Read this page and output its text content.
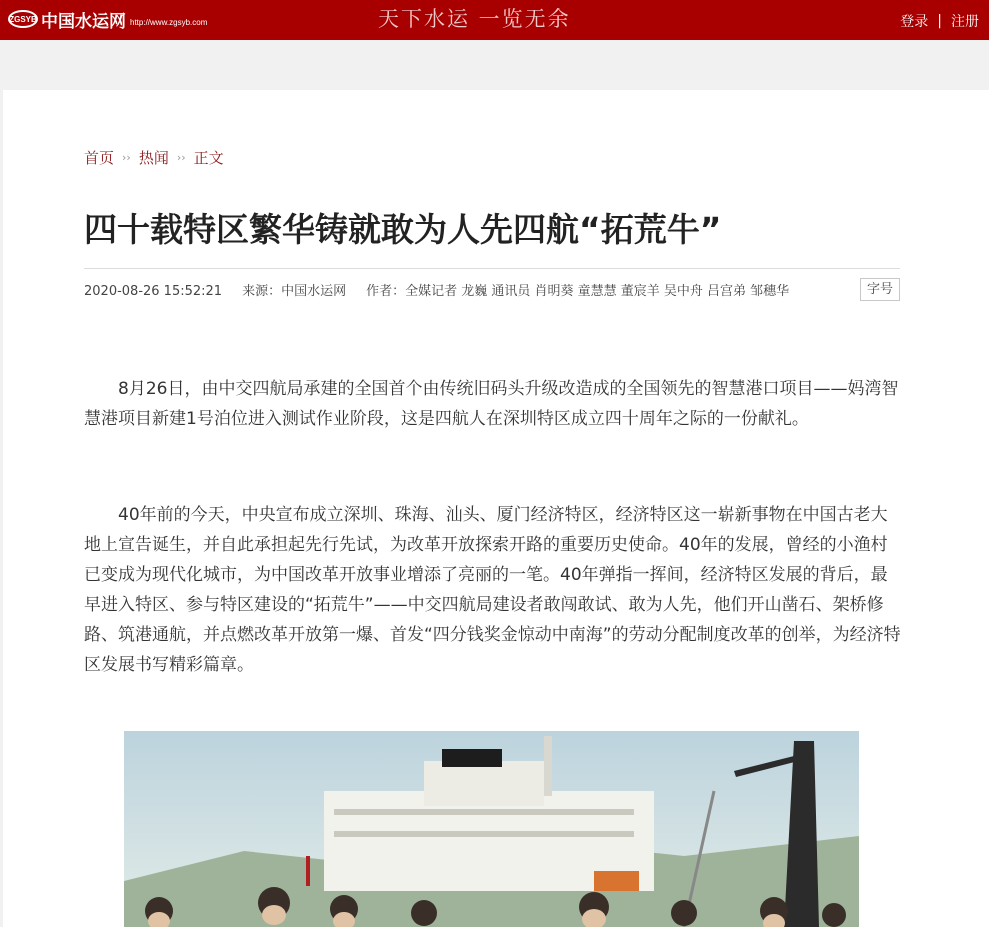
ZGSYB 中国水运网 http://www.zgsyb.com	天下水运 一览无余	登录 | 注册
首页 ›› 热闻 ›› 正文
四十载特区繁华铸就敢为人先四航“拓荒牛”
2020-08-26 15:52:21 来源：中国水运网 作者：全媒记者 龙巍 通讯员 肖明葵 童慧慧 董宸羊 吴中舟 吕宫弟 邹穗华	字号

8月26日，由中交四航局承建的全国首个由传统旧码头升级改造成的全国领先的智慧港口项目——妈湾智慧港项目新建1号泊位进入测试作业阶段，这是四航人在深圳特区成立四十周年之际的一份献礼。

40年前的今天，中央宣布成立深圳、珠海、汕头、厦门经济特区，经济特区这一崭新事物在中国古老大地上宣告诞生，并自此承担起先行先试，为改革开放探索开路的重要历史使命。40年的发展，曾经的小渔村已变成为现代化城市，为中国改革开放事业增添了亮丽的一笔。40年弹指一挥间，经济特区发展的背后，最早进入特区、参与特区建设的“拓荒牛”——中交四航局建设者敢闯敢试、敢为人先，他们开山凿石、架桥修路、筑港通航，并点燃改革开放第一爆、首发“四分钱奖金惊动中南海”的劳动分配制度改革的创举，为经济特区发展书写精彩篇章。
